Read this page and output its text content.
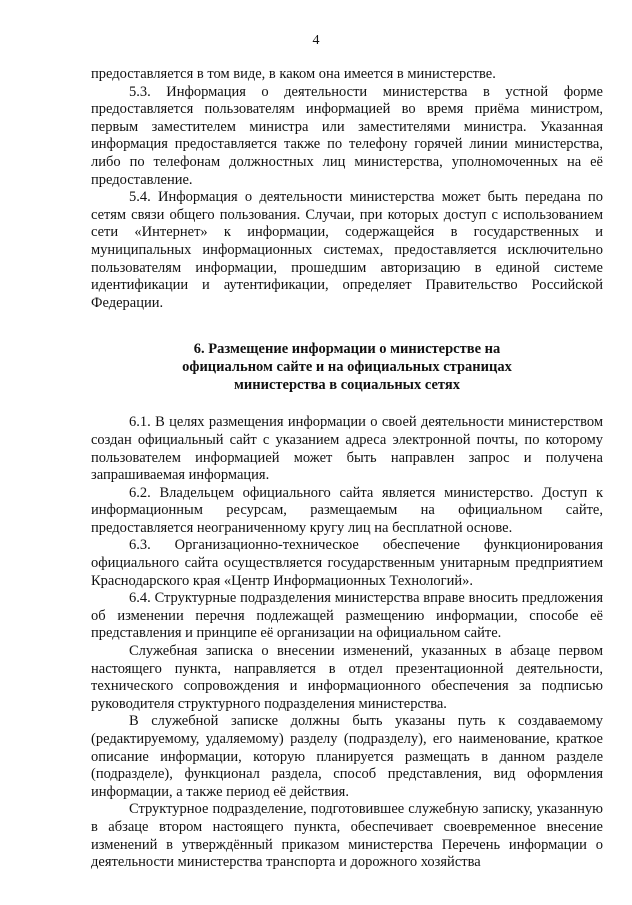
4

предоставляется в том виде, в каком она имеется в министерстве.

5.3. Информация о деятельности министерства в устной форме предоставляется пользователям информацией во время приёма министром, первым заместителем министра или заместителями министра. Указанная информация предоставляется также по телефону горячей линии министерства, либо по телефонам должностных лиц министерства, уполномоченных на её предоставление.

5.4. Информация о деятельности министерства может быть передана по сетям связи общего пользования. Случаи, при которых доступ с использованием сети «Интернет» к информации, содержащейся в государственных и муниципальных информационных системах, предоставляется исключительно пользователям информации, прошедшим авторизацию в единой системе идентификации и аутентификации, определяет Правительство Российской Федерации.

6. Размещение информации о министерстве на
официальном сайте и на официальных страницах
министерства в социальных сетях

6.1. В целях размещения информации о своей деятельности министерством создан официальный сайт с указанием адреса электронной почты, по которому пользователем информацией может быть направлен запрос и получена запрашиваемая информация.

6.2. Владельцем официального сайта является министерство. Доступ к информационным ресурсам, размещаемым на официальном сайте, предоставляется неограниченному кругу лиц на бесплатной основе.

6.3. Организационно-техническое обеспечение функционирования официального сайта осуществляется государственным унитарным предприятием Краснодарского края «Центр Информационных Технологий».

6.4. Структурные подразделения министерства вправе вносить предложения об изменении перечня подлежащей размещению информации, способе её представления и принципе её организации на официальном сайте.

Служебная записка о внесении изменений, указанных в абзаце первом настоящего пункта, направляется в отдел презентационной деятельности, технического сопровождения и информационного обеспечения за подписью руководителя структурного подразделения министерства.

В служебной записке должны быть указаны путь к создаваемому (редактируемому, удаляемому) разделу (подразделу), его наименование, краткое описание информации, которую планируется размещать в данном разделе (подразделе), функционал раздела, способ представления, вид оформления информации, а также период её действия.

Структурное подразделение, подготовившее служебную записку, указанную в абзаце втором настоящего пункта, обеспечивает своевременное внесение изменений в утверждённый приказом министерства Перечень информации о деятельности министерства транспорта и дорожного хозяйства
